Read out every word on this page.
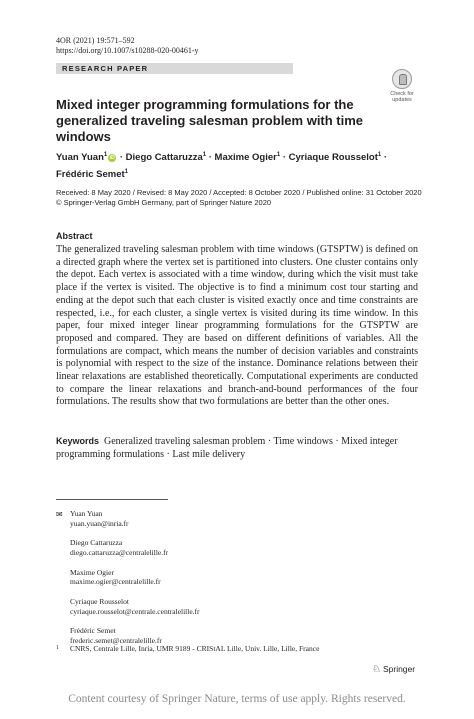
4OR (2021) 19:571–592
https://doi.org/10.1007/s10288-020-00461-y
RESEARCH PAPER
Check for updates
Mixed integer programming formulations for the generalized traveling salesman problem with time windows
Yuan Yuan$^1$ iD · Diego Cattaruzza$^1$ · Maxime Ogier$^1$ · Cyriaque Rousselot$^1$ ·
Frédéric Semet$^1$
Received: 8 May 2020 / Revised: 8 May 2020 / Accepted: 8 October 2020 / Published online: 31 October 2020
© Springer-Verlag GmbH Germany, part of Springer Nature 2020
Abstract
The generalized traveling salesman problem with time windows (GTSPTW) is defined on a directed graph where the vertex set is partitioned into clusters. One cluster contains only the depot. Each vertex is associated with a time window, during which the visit must take place if the vertex is visited. The objective is to find a minimum cost tour starting and ending at the depot such that each cluster is visited exactly once and time constraints are respected, i.e., for each cluster, a single vertex is visited during its time window. In this paper, four mixed integer linear programming formulations for the GTSPTW are proposed and compared. They are based on different definitions of variables. All the formulations are compact, which means the number of decision variables and constraints is polynomial with respect to the size of the instance. Dominance relations between their linear relaxations are established theoretically. Computational experiments are conducted to compare the linear relaxations and branch-and-bound performances of the four formulations. The results show that two formulations are better than the other ones.
Keywords Generalized traveling salesman problem · Time windows · Mixed integer programming formulations · Last mile delivery
✉ Yuan Yuan
yuan.yuan@inria.fr
Diego Cattaruzza
diego.cattaruzza@centralelille.fr
Maxime Ogier
maxime.ogier@centralelille.fr
Cyriaque Rousselot
cyriaque.rousselot@centrale.centralelille.fr
Frédéric Semet
frederic.semet@centralelille.fr
1 CNRS, Centrale Lille, Inria, UMR 9189 - CRIStAL Lille, Univ. Lille, Lille, France
♘ Springer
Content courtesy of Springer Nature, terms of use apply. Rights reserved.
